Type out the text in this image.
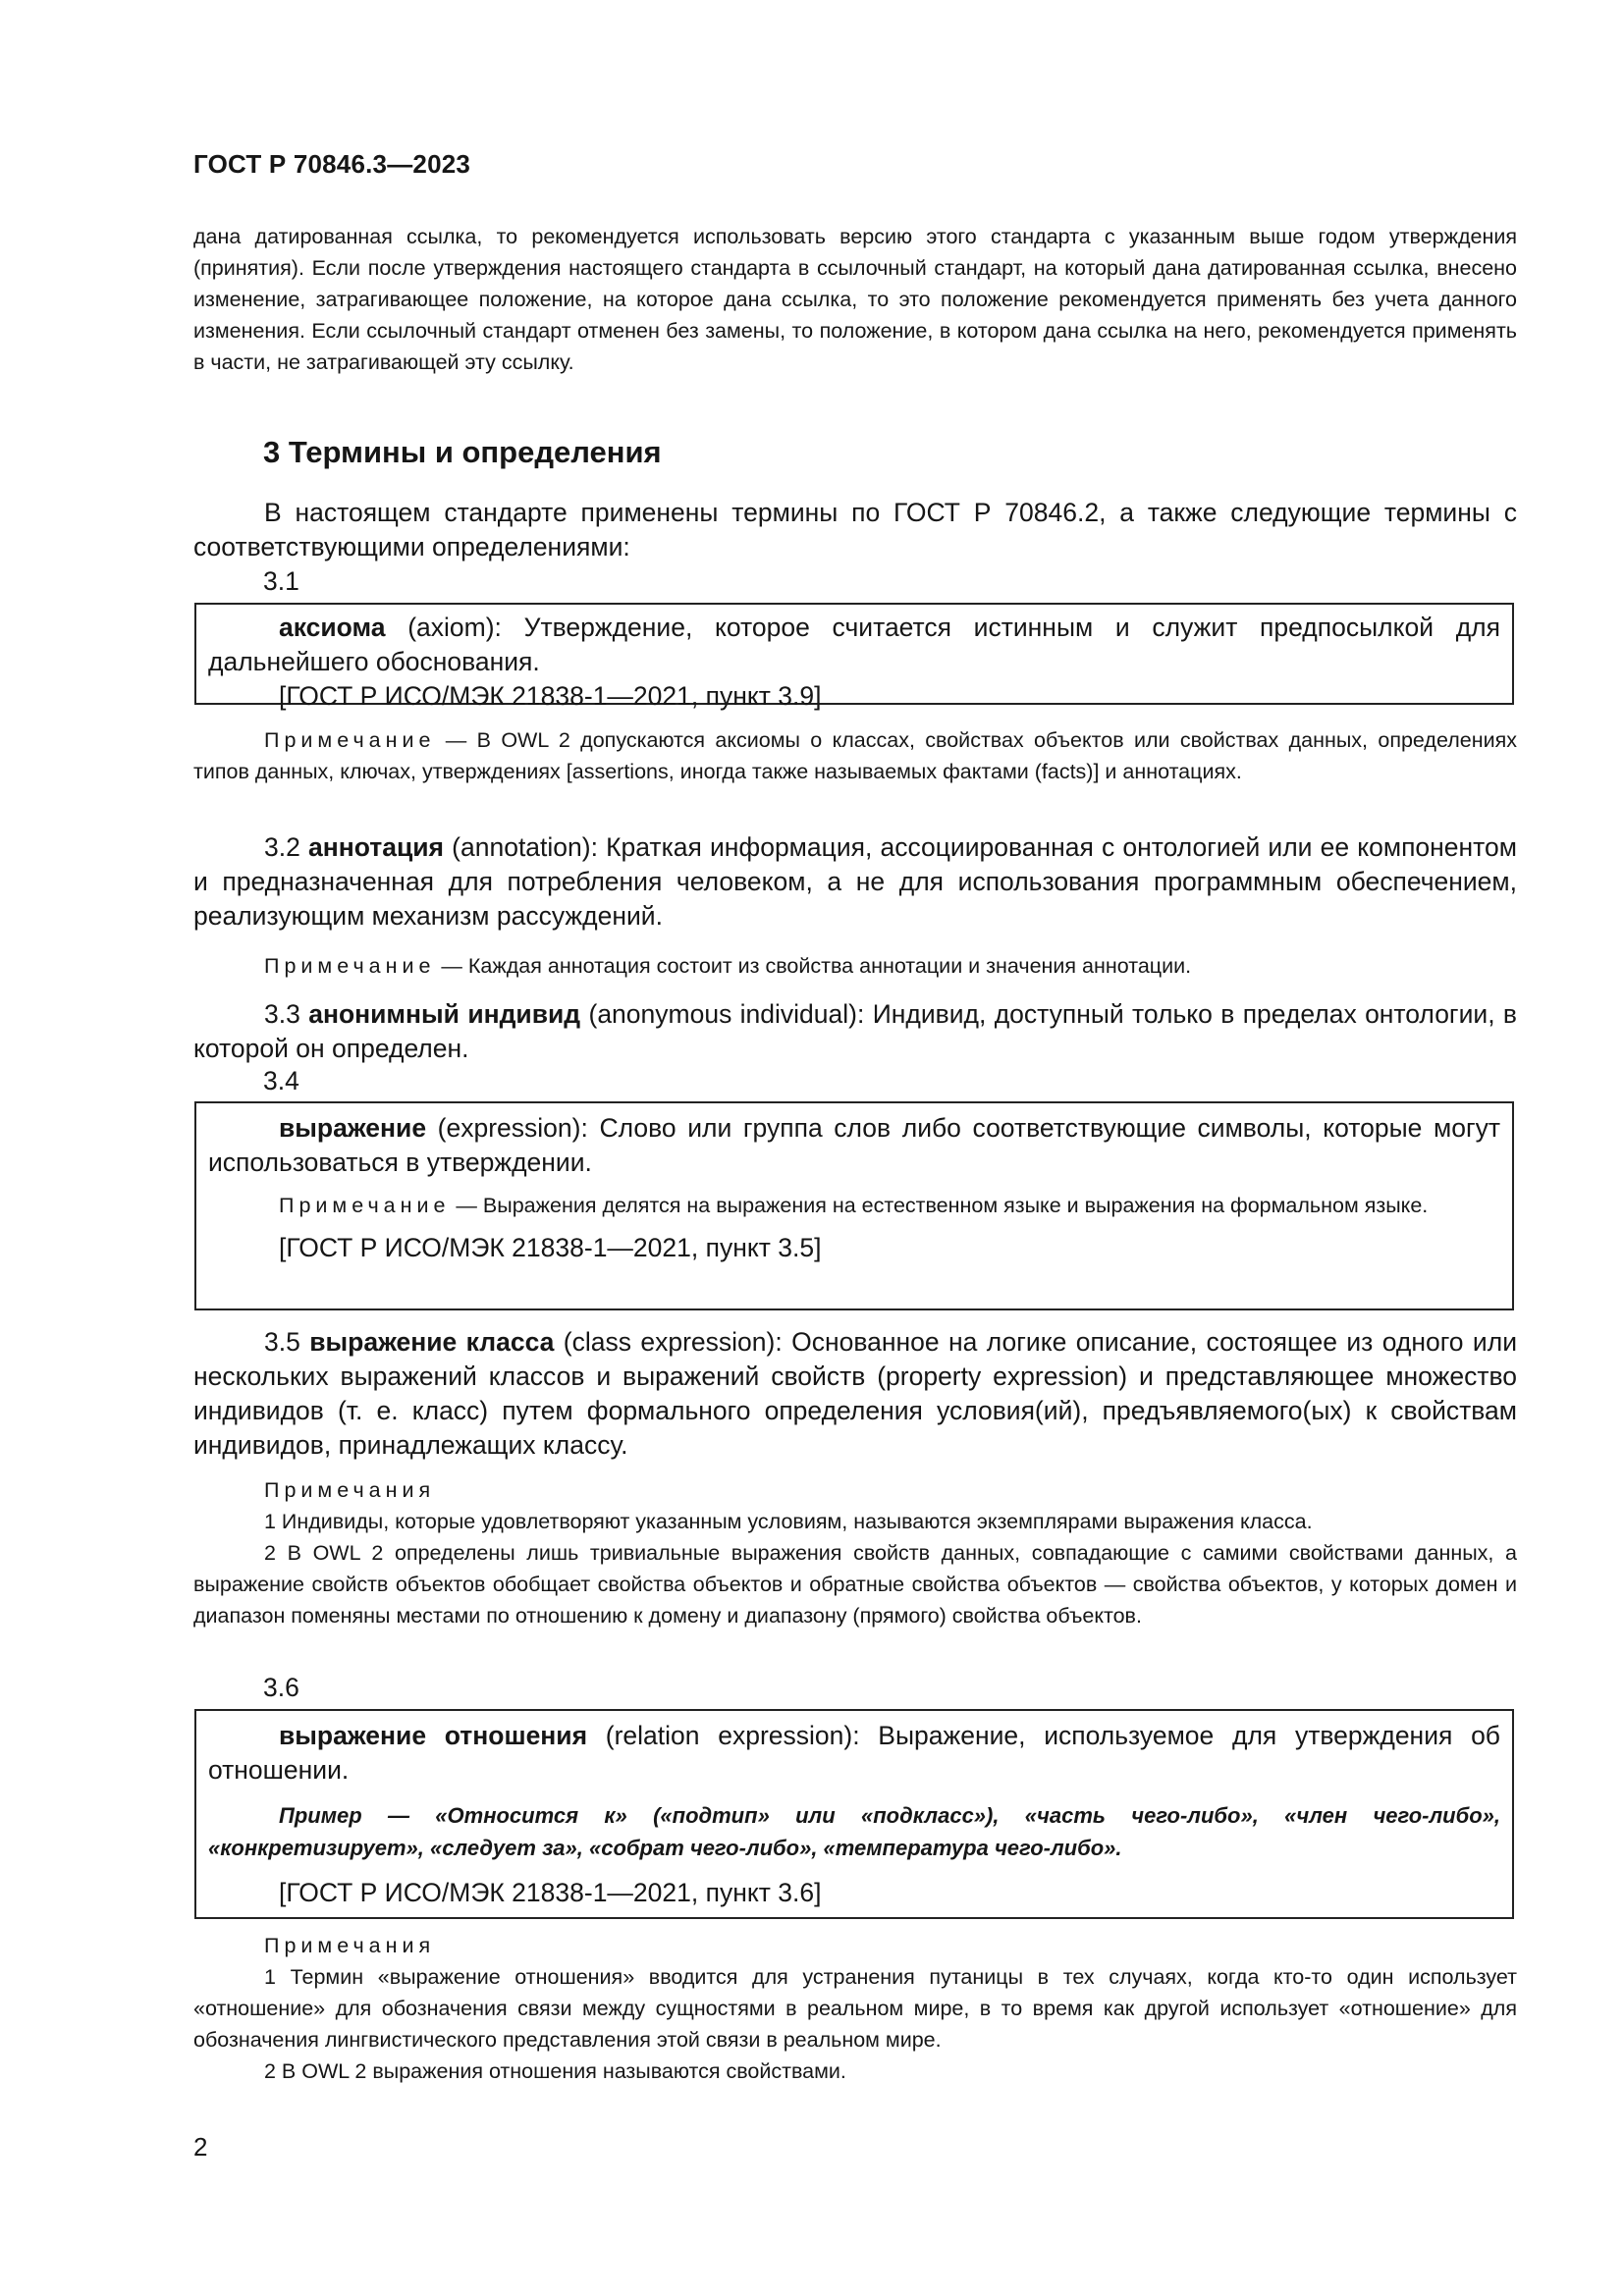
ГОСТ Р 70846.3—2023
дана датированная ссылка, то рекомендуется использовать версию этого стандарта с указанным выше годом утверждения (принятия). Если после утверждения настоящего стандарта в ссылочный стандарт, на который дана датированная ссылка, внесено изменение, затрагивающее положение, на которое дана ссылка, то это положение рекомендуется применять без учета данного изменения. Если ссылочный стандарт отменен без замены, то положение, в котором дана ссылка на него, рекомендуется применять в части, не затрагивающей эту ссылку.
3 Термины и определения
В настоящем стандарте применены термины по ГОСТ Р 70846.2, а также следующие термины с соответствующими определениями:
3.1

аксиома (axiom): Утверждение, которое считается истинным и служит предпосылкой для дальнейшего обоснования.

[ГОСТ Р ИСО/МЭК 21838-1—2021, пункт 3.9]

Примечание — В OWL 2 допускаются аксиомы о классах, свойствах объектов или свойствах данных, определениях типов данных, ключах, утверждениях [assertions, иногда также называемых фактами (facts)] и аннотациях.
3.2 аннотация (annotation): Краткая информация, ассоциированная с онтологией или ее компонентом и предназначенная для потребления человеком, а не для использования программным обеспечением, реализующим механизм рассуждений.
Примечание — Каждая аннотация состоит из свойства аннотации и значения аннотации.
3.3 анонимный индивид (anonymous individual): Индивид, доступный только в пределах онтологии, в которой он определен.
3.4

выражение (expression): Слово или группа слов либо соответствующие символы, которые могут использоваться в утверждении.

Примечание — Выражения делятся на выражения на естественном языке и выражения на формальном языке.

[ГОСТ Р ИСО/МЭК 21838-1—2021, пункт 3.5]

3.5 выражение класса (class expression): Основанное на логике описание, состоящее из одного или нескольких выражений классов и выражений свойств (property expression) и представляющее множество индивидов (т. е. класс) путем формального определения условия(ий), предъявляемого(ых) к свойствам индивидов, принадлежащих классу.

Примечания

1 Индивиды, которые удовлетворяют указанным условиям, называются экземплярами выражения класса.

2 В OWL 2 определены лишь тривиальные выражения свойств данных, совпадающие с самими свойствами данных, а выражение свойств объектов обобщает свойства объектов и обратные свойства объектов — свойства объектов, у которых домен и диапазон поменяны местами по отношению к домену и диапазону (прямого) свойства объектов.

3.6

выражение отношения (relation expression): Выражение, используемое для утверждения об отношении.

Пример — «Относится к» («подтип» или «подкласс»), «часть чего-либо», «член чего-либо», «конкретизирует», «следует за», «собрат чего-либо», «температура чего-либо».

[ГОСТ Р ИСО/МЭК 21838-1—2021, пункт 3.6]

Примечания

1 Термин «выражение отношения» вводится для устранения путаницы в тех случаях, когда кто-то один использует «отношение» для обозначения связи между сущностями в реальном мире, в то время как другой использует «отношение» для обозначения лингвистического представления этой связи в реальном мире.

2 В OWL 2 выражения отношения называются свойствами.

2
